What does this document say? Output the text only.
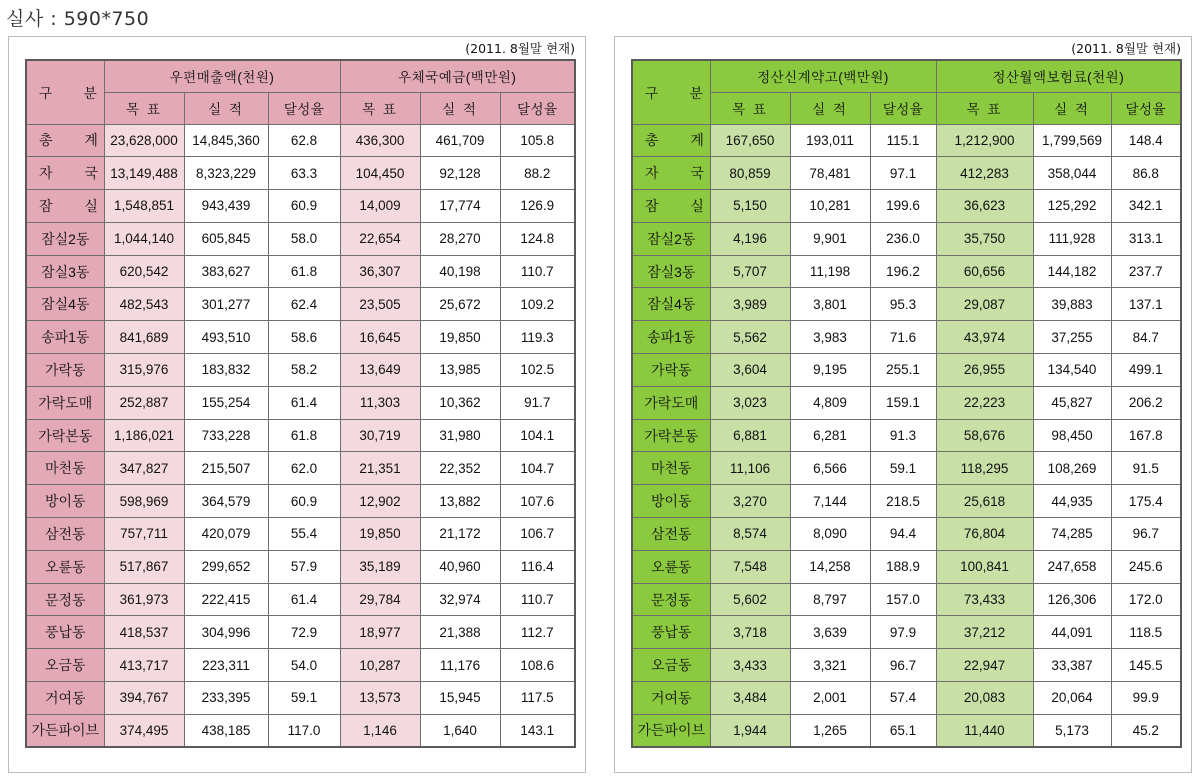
실사 : 590*750
(2011. 8월말 현재)
구 분	우편매출액(천원)			우체국예금(백만원)		
	목 표	실 적	달성율	목 표	실 적	달성율
총 계	23,628,000	14,845,360	62.8	436,300	461,709	105.8
자 국	13,149,488	8,323,229	63.3	104,450	92,128	88.2
잠 실	1,548,851	943,439	60.9	14,009	17,774	126.9
잠실2동	1,044,140	605,845	58.0	22,654	28,270	124.8
잠실3동	620,542	383,627	61.8	36,307	40,198	110.7
잠실4동	482,543	301,277	62.4	23,505	25,672	109.2
송파1동	841,689	493,510	58.6	16,645	19,850	119.3
가락동	315,976	183,832	58.2	13,649	13,985	102.5
가락도매	252,887	155,254	61.4	11,303	10,362	91.7
가락본동	1,186,021	733,228	61.8	30,719	31,980	104.1
마천동	347,827	215,507	62.0	21,351	22,352	104.7
방이동	598,969	364,579	60.9	12,902	13,882	107.6
삼전동	757,711	420,079	55.4	19,850	21,172	106.7
오륜동	517,867	299,652	57.9	35,189	40,960	116.4
문정동	361,973	222,415	61.4	29,784	32,974	110.7
풍납동	418,537	304,996	72.9	18,977	21,388	112.7
오금동	413,717	223,311	54.0	10,287	11,176	108.6
거여동	394,767	233,395	59.1	13,573	15,945	117.5
가든파이브	374,495	438,185	117.0	1,146	1,640	143.1
(2011. 8월말 현재)
구 분	정산신계약고(백만원)			정산월액보험료(천원)		
	목 표	실 적	달성율	목 표	실 적	달성율
총 계	167,650	193,011	115.1	1,212,900	1,799,569	148.4
자 국	80,859	78,481	97.1	412,283	358,044	86.8
잠 실	5,150	10,281	199.6	36,623	125,292	342.1
잠실2동	4,196	9,901	236.0	35,750	111,928	313.1
잠실3동	5,707	11,198	196.2	60,656	144,182	237.7
잠실4동	3,989	3,801	95.3	29,087	39,883	137.1
송파1동	5,562	3,983	71.6	43,974	37,255	84.7
가락동	3,604	9,195	255.1	26,955	134,540	499.1
가락도매	3,023	4,809	159.1	22,223	45,827	206.2
가락본동	6,881	6,281	91.3	58,676	98,450	167.8
마천동	11,106	6,566	59.1	118,295	108,269	91.5
방이동	3,270	7,144	218.5	25,618	44,935	175.4
삼전동	8,574	8,090	94.4	76,804	74,285	96.7
오륜동	7,548	14,258	188.9	100,841	247,658	245.6
문정동	5,602	8,797	157.0	73,433	126,306	172.0
풍납동	3,718	3,639	97.9	37,212	44,091	118.5
오금동	3,433	3,321	96.7	22,947	33,387	145.5
거여동	3,484	2,001	57.4	20,083	20,064	99.9
가든파이브	1,944	1,265	65.1	11,440	5,173	45.2
